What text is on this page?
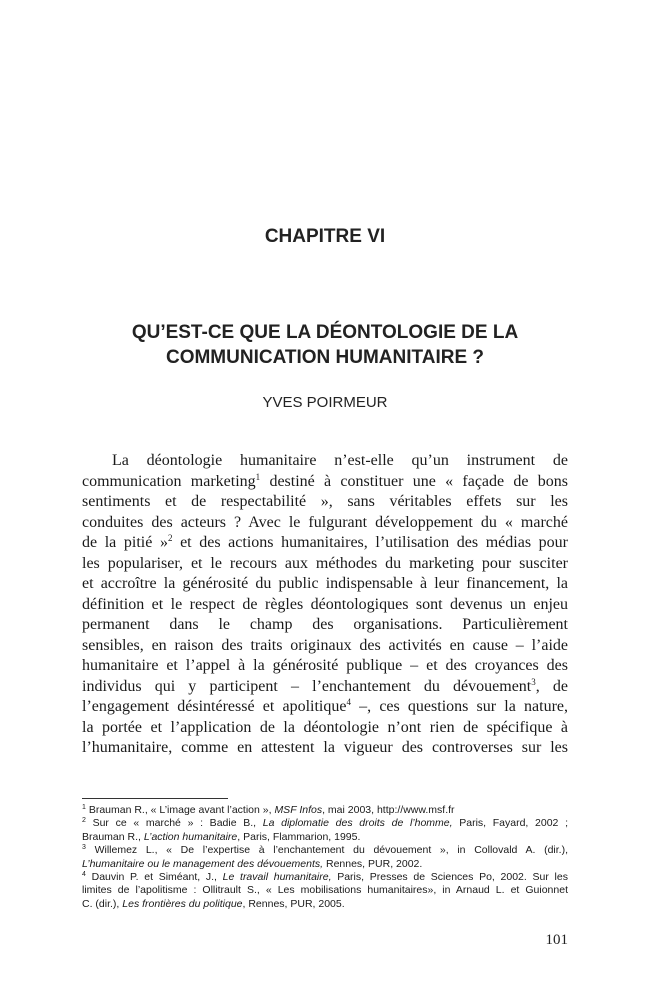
CHAPITRE VI
QU’EST-CE QUE LA DÉONTOLOGIE DE LA
COMMUNICATION HUMANITAIRE ?
YVES POIRMEUR
La déontologie humanitaire n’est-elle qu’un instrument de
communication marketing$^1$ destiné à constituer une « façade de bons
sentiments et de respectabilité », sans véritables effets sur les
conduites des acteurs ? Avec le fulgurant développement du « marché
de la pitié »$^2$ et des actions humanitaires, l’utilisation des médias pour
les populariser, et le recours aux méthodes du marketing pour susciter
et accroître la générosité du public indispensable à leur financement, la
définition et le respect de règles déontologiques sont devenus un enjeu
permanent dans le champ des organisations. Particulièrement
sensibles, en raison des traits originaux des activités en cause – l’aide
humanitaire et l’appel à la générosité publique – et des croyances des
individus qui y participent – l’enchantement du dévouement$^3$, de
l’engagement désintéressé et apolitique$^4$ –, ces questions sur la nature,
la portée et l’application de la déontologie n’ont rien de spécifique à
l’humanitaire, comme en attestent la vigueur des controverses sur les
$^1$ Brauman R., « L’image avant l’action », MSF Infos, mai 2003, http://www.msf.fr
$^2$ Sur ce « marché » : Badie B., La diplomatie des droits de l’homme, Paris, Fayard, 2002 ;
Brauman R., L’action humanitaire, Paris, Flammarion, 1995.
$^3$ Willemez L., « De l’expertise à l’enchantement du dévouement », in Collovald A. (dir.),
L’humanitaire ou le management des dévouements, Rennes, PUR, 2002.
$^4$ Dauvin P. et Siméant, J., Le travail humanitaire, Paris, Presses de Sciences Po, 2002. Sur les
limites de l’apolitisme : Ollitrault S., « Les mobilisations humanitaires», in Arnaud L. et Guionnet
C. (dir.), Les frontières du politique, Rennes, PUR, 2005.
101
